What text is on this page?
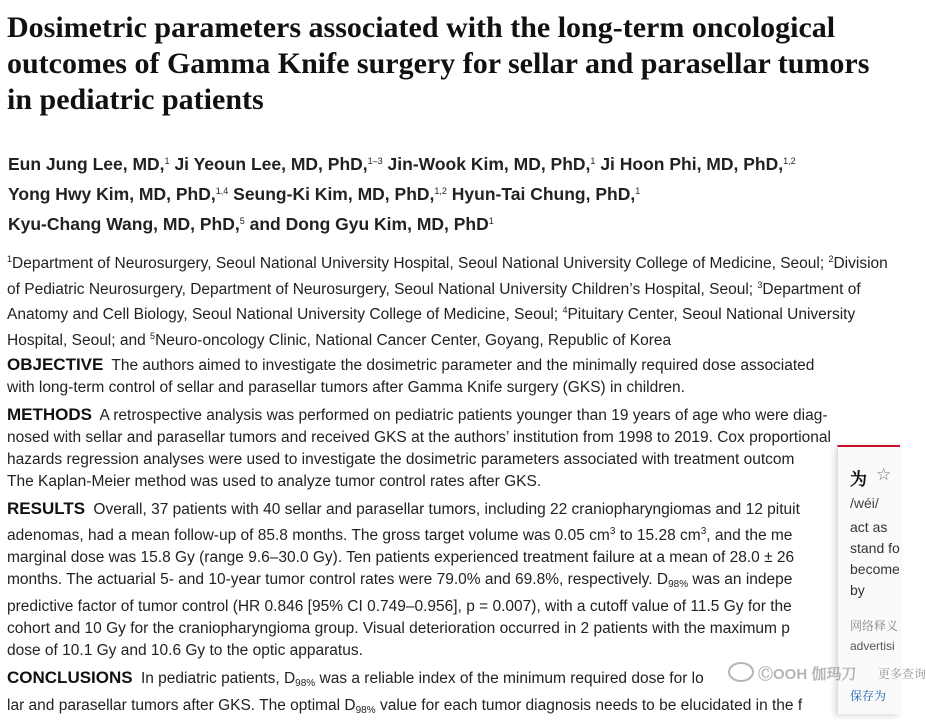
Dosimetric parameters associated with the long-term oncological outcomes of Gamma Knife surgery for sellar and parasellar tumors in pediatric patients
Eun Jung Lee, MD,$^1$ Ji Yeoun Lee, MD, PhD,$^{1-3}$ Jin-Wook Kim, MD, PhD,$^1$ Ji Hoon Phi, MD, PhD,$^{1,2}$
Yong Hwy Kim, MD, PhD,$^{1,4}$ Seung-Ki Kim, MD, PhD,$^{1,2}$ Hyun-Tai Chung, PhD,$^1$
Kyu-Chang Wang, MD, PhD,$^5$ and Dong Gyu Kim, MD, PhD$^1$
$^1$Department of Neurosurgery, Seoul National University Hospital, Seoul National University College of Medicine, Seoul; $^2$Division of Pediatric Neurosurgery, Department of Neurosurgery, Seoul National University Children’s Hospital, Seoul; $^3$Department of Anatomy and Cell Biology, Seoul National University College of Medicine, Seoul; $^4$Pituitary Center, Seoul National University Hospital, Seoul; and $^5$Neuro-oncology Clinic, National Cancer Center, Goyang, Republic of Korea
OBJECTIVE The authors aimed to investigate the dosimetric parameter and the minimally required dose associated
with long-term control of sellar and parasellar tumors after Gamma Knife surgery (GKS) in children.
METHODS A retrospective analysis was performed on pediatric patients younger than 19 years of age who were diag-
nosed with sellar and parasellar tumors and received GKS at the authors’ institution from 1998 to 2019. Cox proportional
hazards regression analyses were used to investigate the dosimetric parameters associated with treatment outcom
The Kaplan-Meier method was used to analyze tumor control rates after GKS.
RESULTS Overall, 37 patients with 40 sellar and parasellar tumors, including 22 craniopharyngiomas and 12 pituit
adenomas, had a mean follow-up of 85.8 months. The gross target volume was 0.05 $cm^3$ to 15.28 $cm^3$, and the me
marginal dose was 15.8 Gy (range 9.6–30.0 Gy). Ten patients experienced treatment failure at a mean of 28.0 ± 26
months. The actuarial 5- and 10-year tumor control rates were 79.0% and 69.8%, respectively. $D_{98\%}$ was an indepe
predictive factor of tumor control (HR 0.846 [95% CI 0.749–0.956], p = 0.007), with a cutoff value of 11.5 Gy for the
cohort and 10 Gy for the craniopharyngioma group. Visual deterioration occurred in 2 patients with the maximum p
dose of 10.1 Gy and 10.6 Gy to the optic apparatus.
CONCLUSIONS In pediatric patients, $D_{98\%}$ was a reliable index of the minimum required dose for lo
lar and parasellar tumors after GKS. The optimal $D_{98\%}$ value for each tumor diagnosis needs to be elucidated in the f
为 ☆
/wéi/
act as
stand fo
become
by
网络释义
advertisi
更多查询
保存为
ⒸOOH 伽玛刀
